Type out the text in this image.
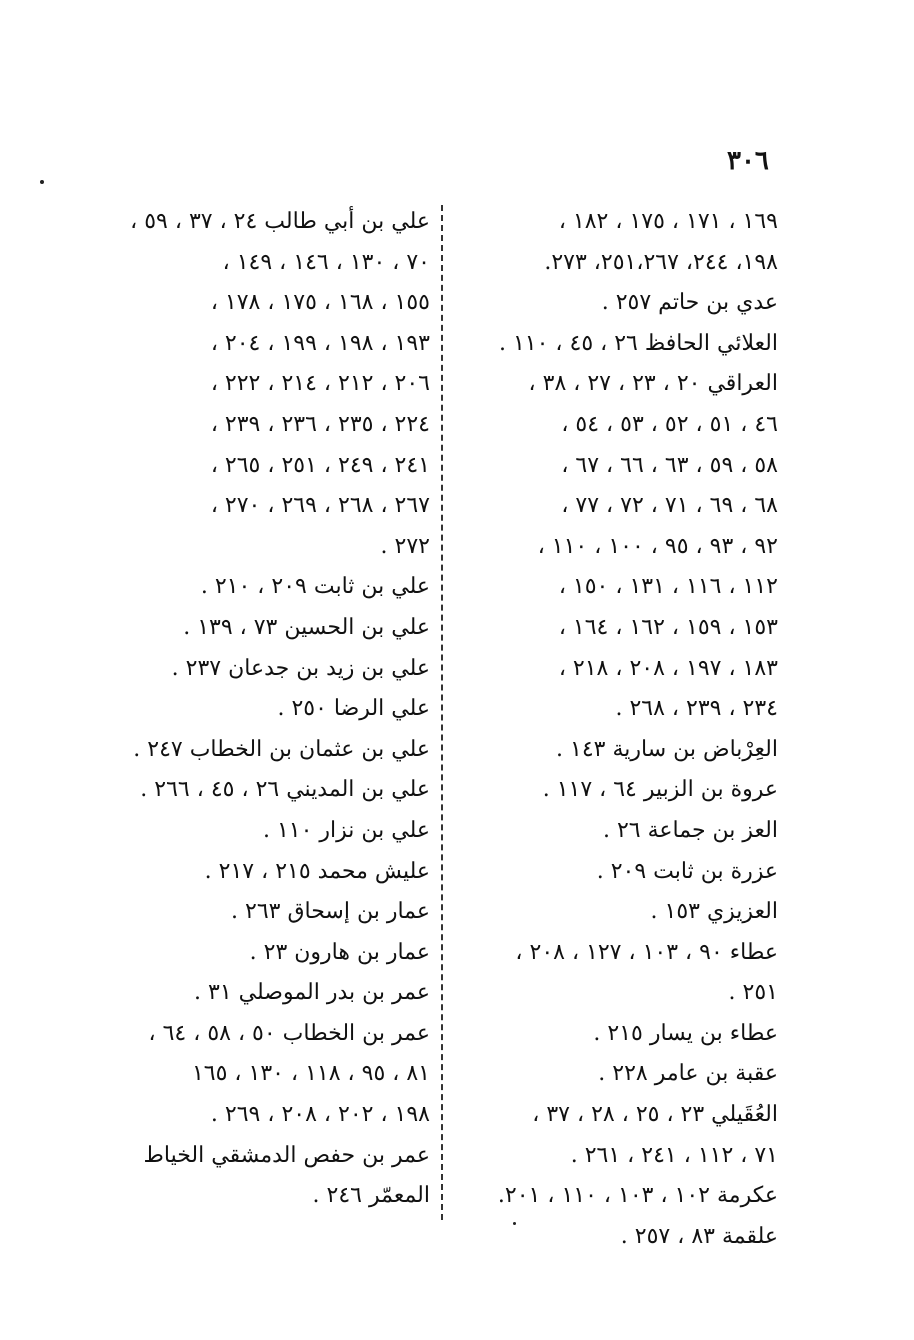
٣٠٦
١٦٩ ، ١٧١ ، ١٧٥ ، ١٨٢ ،
١٩٨، ٢٤٤، ٢٥١،٢٦٧، ٢٧٣.
عدي بن حاتم ٢٥٧ .
العلائي الحافظ ٢٦ ، ٤٥ ، ١١٠ .
العراقي ٢٠ ، ٢٣ ، ٢٧ ، ٣٨ ،
٤٦ ، ٥١ ، ٥٢ ، ٥٣ ، ٥٤ ،
٥٨ ، ٥٩ ، ٦٣ ، ٦٦ ، ٦٧ ،
٦٨ ، ٦٩ ، ٧١ ، ٧٢ ، ٧٧ ،
٩٢ ، ٩٣ ، ٩٥ ، ١٠٠ ، ١١٠ ،
١١٢ ، ١١٦ ، ١٣١ ، ١٥٠ ،
١٥٣ ، ١٥٩ ، ١٦٢ ، ١٦٤ ،
١٨٣ ، ١٩٧ ، ٢٠٨ ، ٢١٨ ،
٢٣٤ ، ٢٣٩ ، ٢٦٨ .
العِرْباض بن سارية ١٤٣ .
عروة بن الزبير ٦٤ ، ١١٧ .
العز بن جماعة ٢٦ .
عزرة بن ثابت ٢٠٩ .
العزيزي ١٥٣ .
عطاء ٩٠ ، ١٠٣ ، ١٢٧ ، ٢٠٨ ،
٢٥١ .
عطاء بن يسار ٢١٥ .
عقبة بن عامر ٢٢٨ .
العُقَيلي ٢٣ ، ٢٥ ، ٢٨ ، ٣٧ ،
٧١ ، ١١٢ ، ٢٤١ ، ٢٦١ .
عكرمة ١٠٢ ، ١٠٣ ، ١١٠ ، ٢٠١.
علقمة ٨٣ ، ٢٥٧ .
علي بن أبي طالب ٢٤ ، ٣٧ ، ٥٩ ،
٧٠ ، ١٣٠ ، ١٤٦ ، ١٤٩ ،
١٥٥ ، ١٦٨ ، ١٧٥ ، ١٧٨ ،
١٩٣ ، ١٩٨ ، ١٩٩ ، ٢٠٤ ،
٢٠٦ ، ٢١٢ ، ٢١٤ ، ٢٢٢ ،
٢٢٤ ، ٢٣٥ ، ٢٣٦ ، ٢٣٩ ،
٢٤١ ، ٢٤٩ ، ٢٥١ ، ٢٦٥ ،
٢٦٧ ، ٢٦٨ ، ٢٦٩ ، ٢٧٠ ،
٢٧٢ .
علي بن ثابت ٢٠٩ ، ٢١٠ .
علي بن الحسين ٧٣ ، ١٣٩ .
علي بن زيد بن جدعان ٢٣٧ .
علي الرضا ٢٥٠ .
علي بن عثمان بن الخطاب ٢٤٧ .
علي بن المديني ٢٦ ، ٤٥ ، ٢٦٦ .
علي بن نزار ١١٠ .
عليش محمد ٢١٥ ، ٢١٧ .
عمار بن إسحاق ٢٦٣ .
عمار بن هارون ٢٣ .
عمر بن بدر الموصلي ٣١ .
عمر بن الخطاب ٥٠ ، ٥٨ ، ٦٤ ،
٨١ ، ٩٥ ، ١١٨ ، ١٣٠ ، ١٦٥
١٩٨ ، ٢٠٢ ، ٢٠٨ ، ٢٦٩ .
عمر بن حفص الدمشقي الخياط
المعمّر ٢٤٦ .
